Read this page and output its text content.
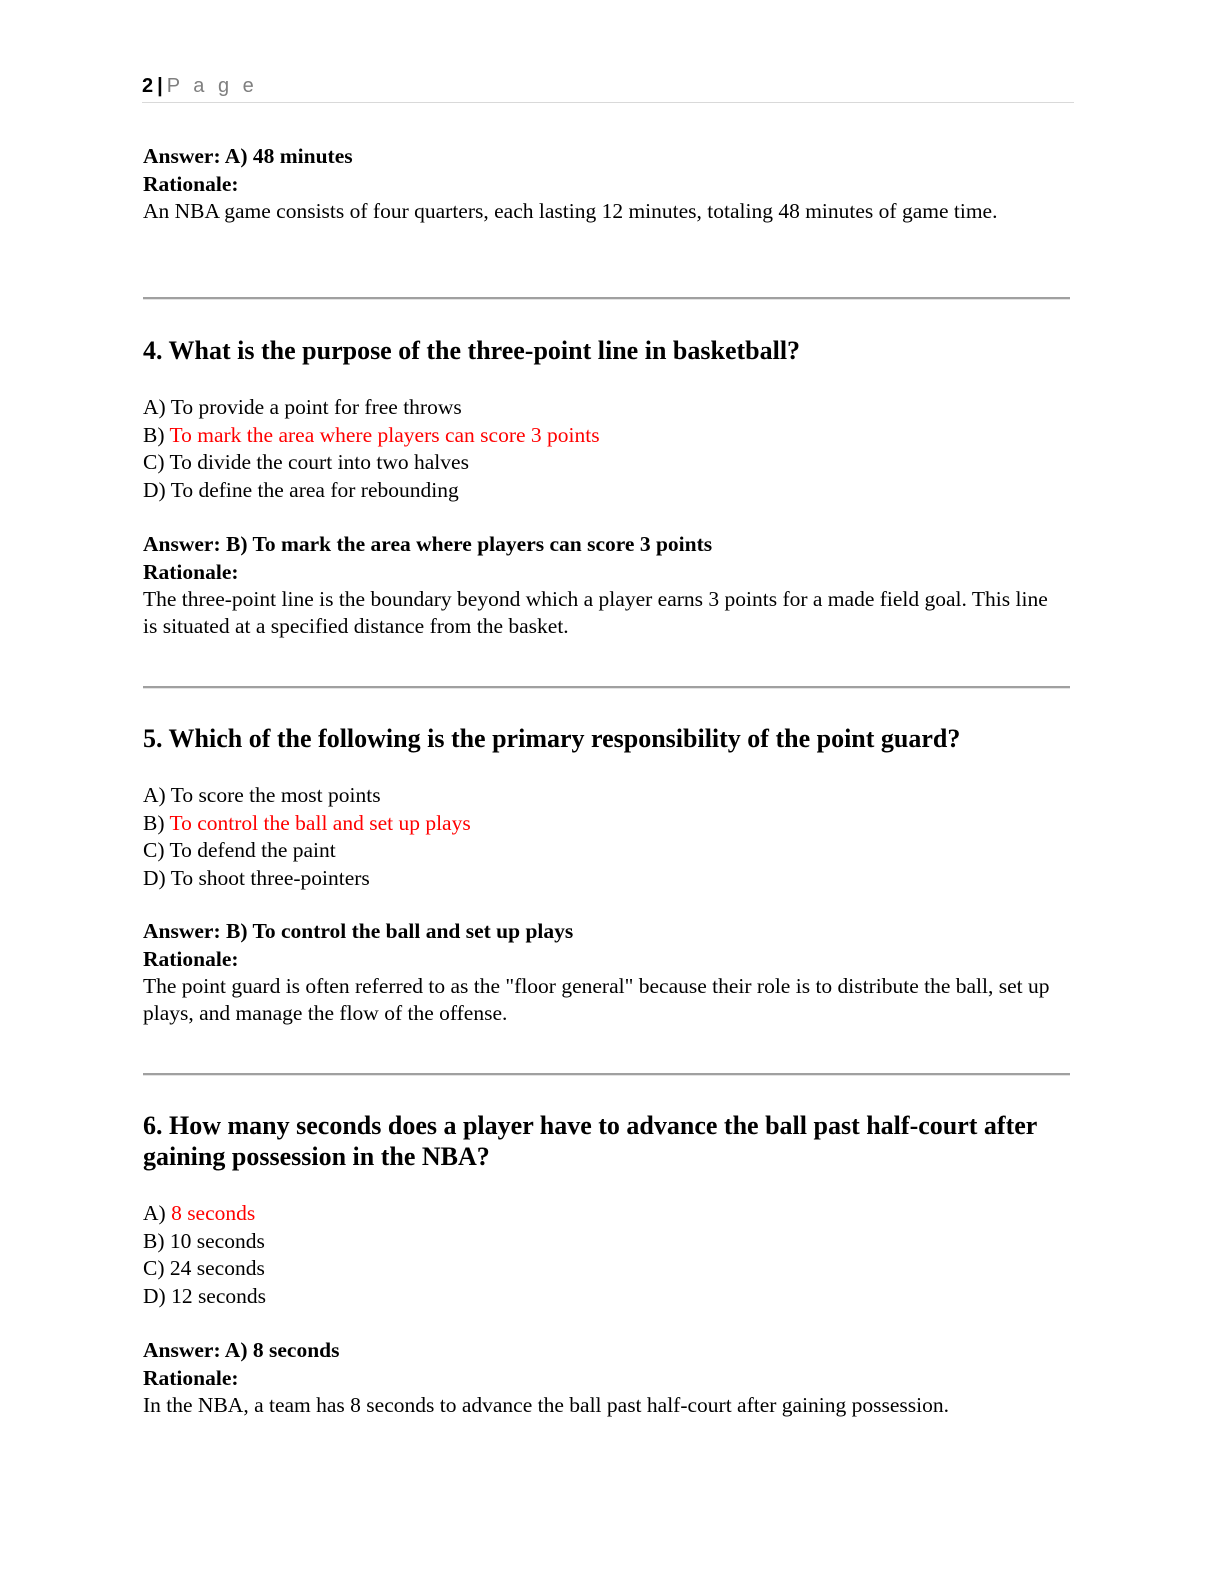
2 | P a g e
Answer: A) 48 minutes
Rationale:
An NBA game consists of four quarters, each lasting 12 minutes, totaling 48 minutes of game time.
4. What is the purpose of the three-point line in basketball?
A) To provide a point for free throws
B) To mark the area where players can score 3 points
C) To divide the court into two halves
D) To define the area for rebounding
Answer: B) To mark the area where players can score 3 points
Rationale:
The three-point line is the boundary beyond which a player earns 3 points for a made field goal. This line is situated at a specified distance from the basket.
5. Which of the following is the primary responsibility of the point guard?
A) To score the most points
B) To control the ball and set up plays
C) To defend the paint
D) To shoot three-pointers
Answer: B) To control the ball and set up plays
Rationale:
The point guard is often referred to as the "floor general" because their role is to distribute the ball, set up plays, and manage the flow of the offense.
6. How many seconds does a player have to advance the ball past half-court after gaining possession in the NBA?
A) 8 seconds
B) 10 seconds
C) 24 seconds
D) 12 seconds
Answer: A) 8 seconds
Rationale:
In the NBA, a team has 8 seconds to advance the ball past half-court after gaining possession.
